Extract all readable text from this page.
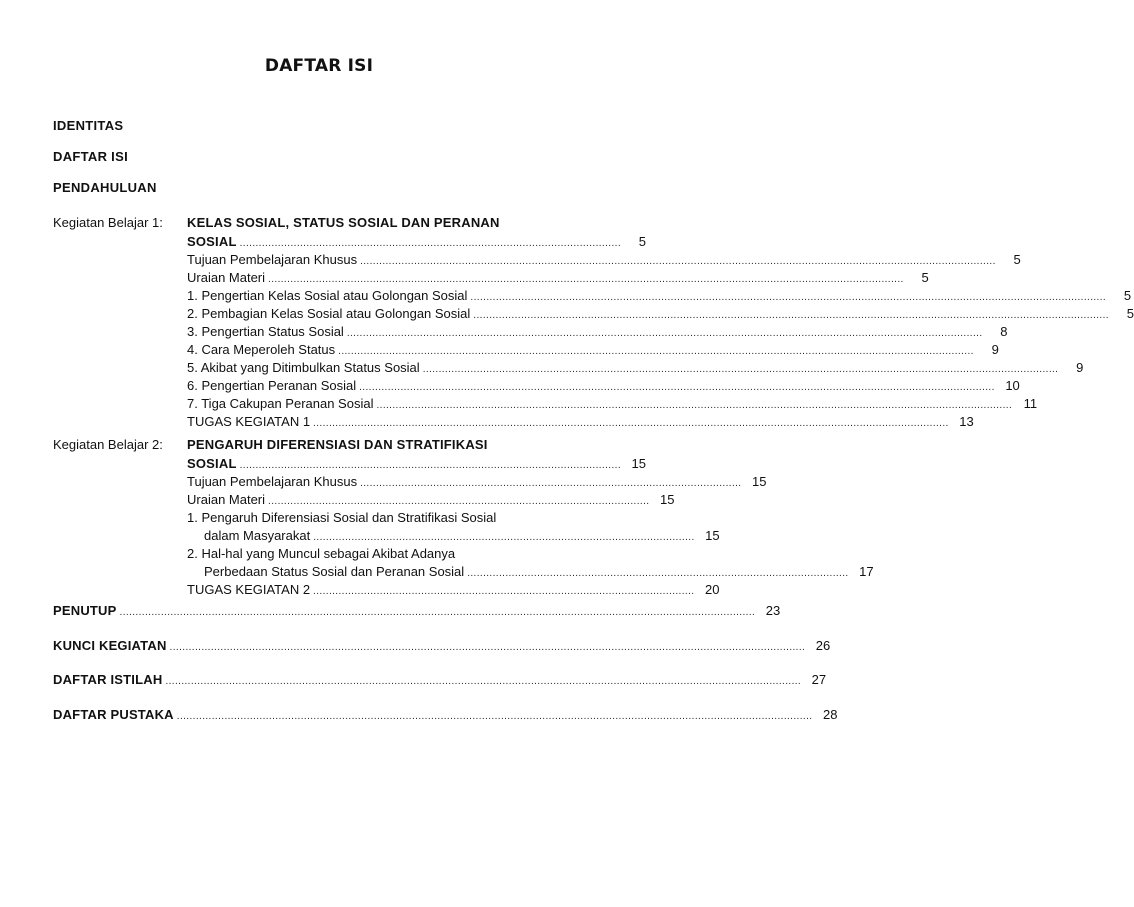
DAFTAR ISI
IDENTITAS
DAFTAR ISI
PENDAHULUAN
Kegiatan Belajar 1: KELAS SOSIAL, STATUS SOSIAL DAN PERANAN
SOSIAL ........................................................................................................................	5
Tujuan Pembelajaran Khusus ........................................................................................................................................................................................................	5
Uraian Materi ........................................................................................................................................................................................................	5
1. Pengertian Kelas Sosial atau Golongan Sosial ........................................................................................................................................................................................................	5
2. Pembagian Kelas Sosial atau Golongan Sosial ........................................................................................................................................................................................................	5
3. Pengertian Status Sosial ........................................................................................................................................................................................................	8
4. Cara Meperoleh Status ........................................................................................................................................................................................................	9
5. Akibat yang Ditimbulkan Status Sosial ........................................................................................................................................................................................................	9
6. Pengertian Peranan Sosial ........................................................................................................................................................................................................ 10
7. Tiga Cakupan Peranan Sosial ........................................................................................................................................................................................................ 11
TUGAS KEGIATAN 1 ........................................................................................................................................................................................................ 13
Kegiatan Belajar 2: PENGARUH DIFERENSIASI DAN STRATIFIKASI
SOSIAL ........................................................................................................................ 15
Tujuan Pembelajaran Khusus ........................................................................................................................ 15
Uraian Materi ........................................................................................................................ 15
1. Pengaruh Diferensiasi Sosial dan Stratifikasi Sosial
dalam Masyarakat ........................................................................................................................ 15
2. Hal-hal yang Muncul sebagai Akibat Adanya
Perbedaan Status Sosial dan Peranan Sosial ........................................................................................................................ 17
TUGAS KEGIATAN 2 ........................................................................................................................ 20
PENUTUP ........................................................................................................................................................................................................ 23
KUNCI KEGIATAN ........................................................................................................................................................................................................ 26
DAFTAR ISTILAH ........................................................................................................................................................................................................ 27
DAFTAR PUSTAKA ........................................................................................................................................................................................................ 28
